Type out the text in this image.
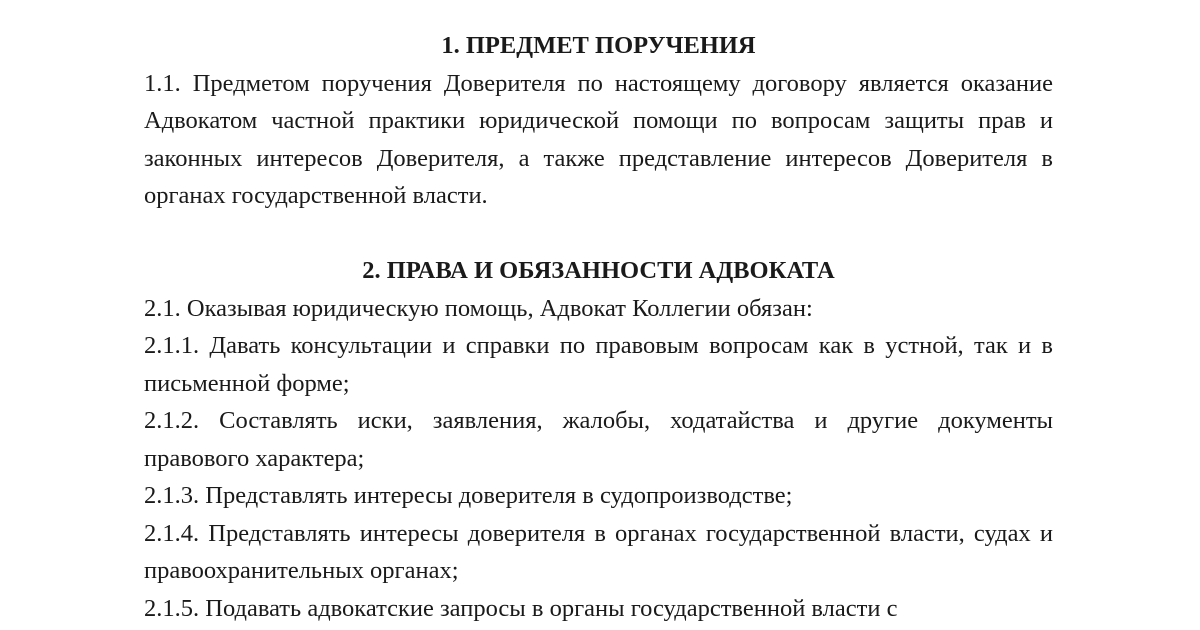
1. ПРЕДМЕТ ПОРУЧЕНИЯ

1.1. Предметом поручения Доверителя по настоящему договору является оказание Адвокатом частной практики юридической помощи по вопросам защиты прав и законных интересов Доверителя, а также представление интересов Доверителя в органах государственной власти.

2. ПРАВА И ОБЯЗАННОСТИ АДВОКАТА

2.1. Оказывая юридическую помощь, Адвокат Коллегии обязан:

2.1.1. Давать консультации и справки по правовым вопросам как в устной, так и в письменной форме;

2.1.2. Составлять иски, заявления, жалобы, ходатайства и другие документы правового характера;

2.1.3. Представлять интересы доверителя в судопроизводстве;

2.1.4. Представлять интересы доверителя в органах государственной власти, судах и правоохранительных органах;

2.1.5. Подавать адвокатские запросы в органы государственной власти с
